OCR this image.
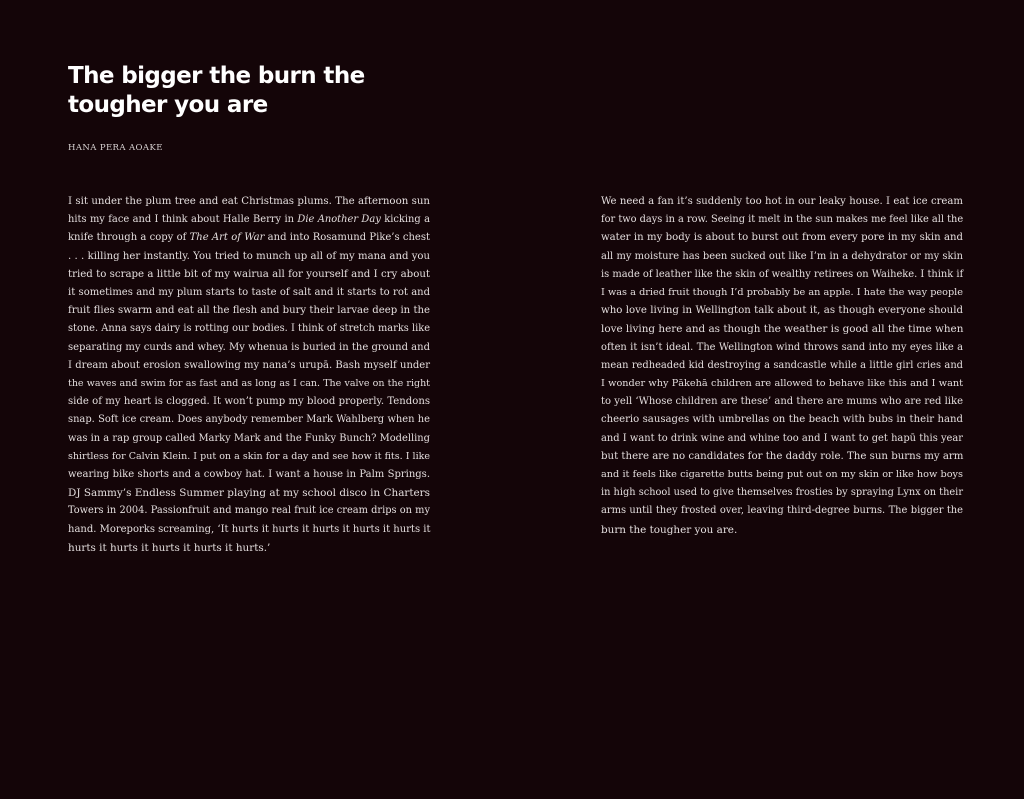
The bigger the burn the
tougher you are

HANA PERA AOAKE

I sit under the plum tree and eat Christmas plums. The afternoon sun
hits my face and I think about Halle Berry in Die Another Day kicking a
knife through a copy of The Art of War and into Rosamund Pike’s chest
. . . killing her instantly. You tried to munch up all of my mana and you
tried to scrape a little bit of my wairua all for yourself and I cry about
it sometimes and my plum starts to taste of salt and it starts to rot and
fruit flies swarm and eat all the flesh and bury their larvae deep in the
stone. Anna says dairy is rotting our bodies. I think of stretch marks like
separating my curds and whey. My whenua is buried in the ground and
I dream about erosion swallowing my nana’s urupā. Bash myself under
the waves and swim for as fast and as long as I can. The valve on the right
side of my heart is clogged. It won’t pump my blood properly. Tendons
snap. Soft ice cream. Does anybody remember Mark Wahlberg when he
was in a rap group called Marky Mark and the Funky Bunch? Modelling
shirtless for Calvin Klein. I put on a skin for a day and see how it fits. I like
wearing bike shorts and a cowboy hat. I want a house in Palm Springs.
DJ Sammy’s Endless Summer playing at my school disco in Charters
Towers in 2004. Passionfruit and mango real fruit ice cream drips on my
hand. Moreporks screaming, ‘It hurts it hurts it hurts it hurts it hurts it
hurts it hurts it hurts it hurts it hurts.’
We need a fan it’s suddenly too hot in our leaky house. I eat ice cream
for two days in a row. Seeing it melt in the sun makes me feel like all the
water in my body is about to burst out from every pore in my skin and
all my moisture has been sucked out like I’m in a dehydrator or my skin
is made of leather like the skin of wealthy retirees on Waiheke. I think if
I was a dried fruit though I’d probably be an apple. I hate the way people
who love living in Wellington talk about it, as though everyone should
love living here and as though the weather is good all the time when
often it isn’t ideal. The Wellington wind throws sand into my eyes like a
mean redheaded kid destroying a sandcastle while a little girl cries and
I wonder why Pākehā children are allowed to behave like this and I want
to yell ‘Whose children are these’ and there are mums who are red like
cheerio sausages with umbrellas on the beach with bubs in their hand
and I want to drink wine and whine too and I want to get hapū this year
but there are no candidates for the daddy role. The sun burns my arm
and it feels like cigarette butts being put out on my skin or like how boys
in high school used to give themselves frosties by spraying Lynx on their
arms until they frosted over, leaving third-degree burns. The bigger the
burn the tougher you are.
